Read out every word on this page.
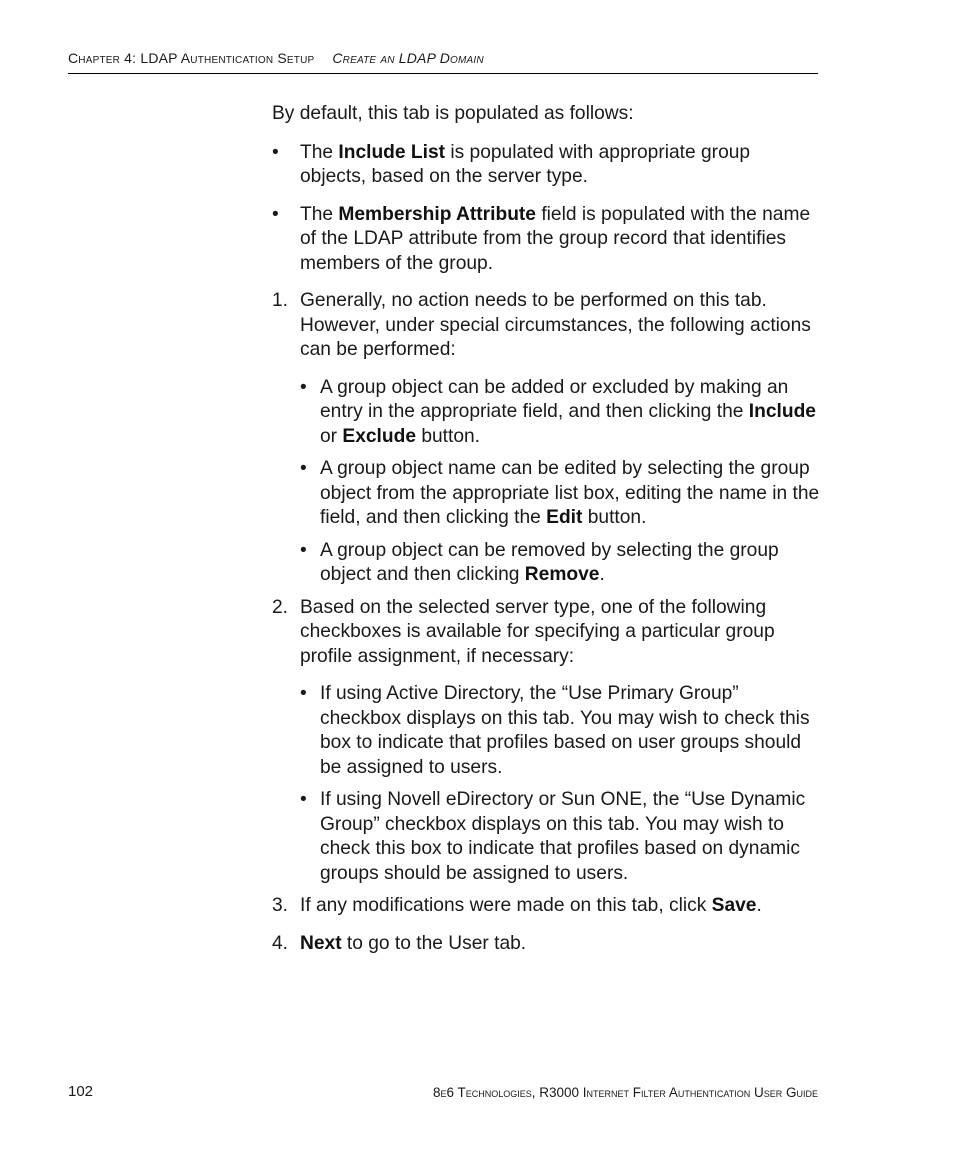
Chapter 4: LDAP Authentication Setup Create an LDAP Domain

By default, this tab is populated as follows:

• The Include List is populated with appropriate group objects, based on the server type.
• The Membership Attribute field is populated with the name of the LDAP attribute from the group record that identifies members of the group.
1. Generally, no action needs to be performed on this tab. However, under special circumstances, the following actions can be performed:
• A group object can be added or excluded by making an entry in the appropriate field, and then clicking the Include or Exclude button.
• A group object name can be edited by selecting the group object from the appropriate list box, editing the name in the field, and then clicking the Edit button.
• A group object can be removed by selecting the group object and then clicking Remove.
2. Based on the selected server type, one of the following checkboxes is available for specifying a particular group profile assignment, if necessary:
• If using Active Directory, the “Use Primary Group” checkbox displays on this tab. You may wish to check this box to indicate that profiles based on user groups should be assigned to users.
• If using Novell eDirectory or Sun ONE, the “Use Dynamic Group” checkbox displays on this tab. You may wish to check this box to indicate that profiles based on dynamic groups should be assigned to users.
3. If any modifications were made on this tab, click Save.
4. Next to go to the User tab.
102	8e6 Technologies, R3000 Internet Filter Authentication User Guide
